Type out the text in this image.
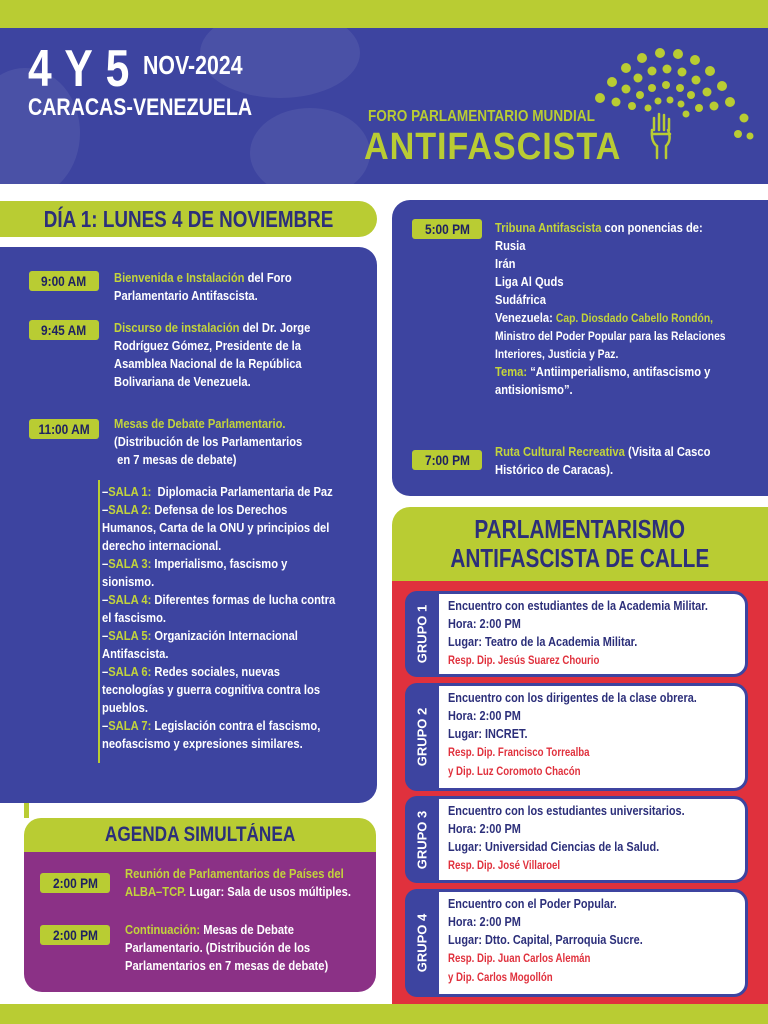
4 Y 5 NOV-2024
CARACAS-VENEZUELA	FORO PARLAMENTARIO MUNDIAL
ANTIFASCISTA
DÍA 1: LUNES 4 DE NOVIEMBRE
9:00 AM	Bienvenida e Instalación del Foro
Parlamentario Antifascista.
9:45 AM	Discurso de instalación del Dr. Jorge
Rodríguez Gómez, Presidente de la
Asamblea Nacional de la República
Bolivariana de Venezuela.
11:00 AM	Mesas de Debate Parlamentario.
(Distribución de los Parlamentarios
en 7 mesas de debate)
–SALA 1: Diplomacia Parlamentaria de Paz
–SALA 2: Defensa de los Derechos
Humanos, Carta de la ONU y principios del
derecho internacional.
–SALA 3: Imperialismo, fascismo y
sionismo.
–SALA 4: Diferentes formas de lucha contra
el fascismo.
–SALA 5: Organización Internacional
Antifascista.
–SALA 6: Redes sociales, nuevas
tecnologías y guerra cognitiva contra los
pueblos.
–SALA 7: Legislación contra el fascismo,
neofascismo y expresiones similares.
5:00 PM	Tribuna Antifascista con ponencias de:
Rusia
Irán
Liga Al Quds
Sudáfrica
Venezuela: Cap. Diosdado Cabello Rondón,
Ministro del Poder Popular para las Relaciones
Interiores, Justicia y Paz.
Tema: “Antiimperialismo, antifascismo y
antisionismo”.
7:00 PM
Ruta Cultural Recreativa (Visita al Casco
Histórico de Caracas).
PARLAMENTARISMO
ANTIFASCISTA DE CALLE
GRUPO 1 Encuentro con estudiantes de la Academia Militar.
Hora: 2:00 PM
Lugar: Teatro de la Academia Militar.
Resp. Dip. Jesús Suarez Chourio
GRUPO 2
Encuentro con los dirigentes de la clase obrera.
Hora: 2:00 PM
Lugar: INCRET.
Resp. Dip. Francisco Torrealba
y Dip. Luz Coromoto Chacón
GRUPO 3 Encuentro con los estudiantes universitarios.
Hora: 2:00 PM
Lugar: Universidad Ciencias de la Salud.
Resp. Dip. José Villaroel
GRUPO 4
Encuentro con el Poder Popular.
Hora: 2:00 PM
Lugar: Dtto. Capital, Parroquia Sucre.
Resp. Dip. Juan Carlos Alemán
y Dip. Carlos Mogollón
AGENDA SIMULTÁNEA
2:00 PM
Reunión de Parlamentarios de Países del
ALBA–TCP. Lugar: Sala de usos múltiples.
2:00 PM	Continuación: Mesas de Debate
Parlamentario. (Distribución de los
Parlamentarios en 7 mesas de debate)
